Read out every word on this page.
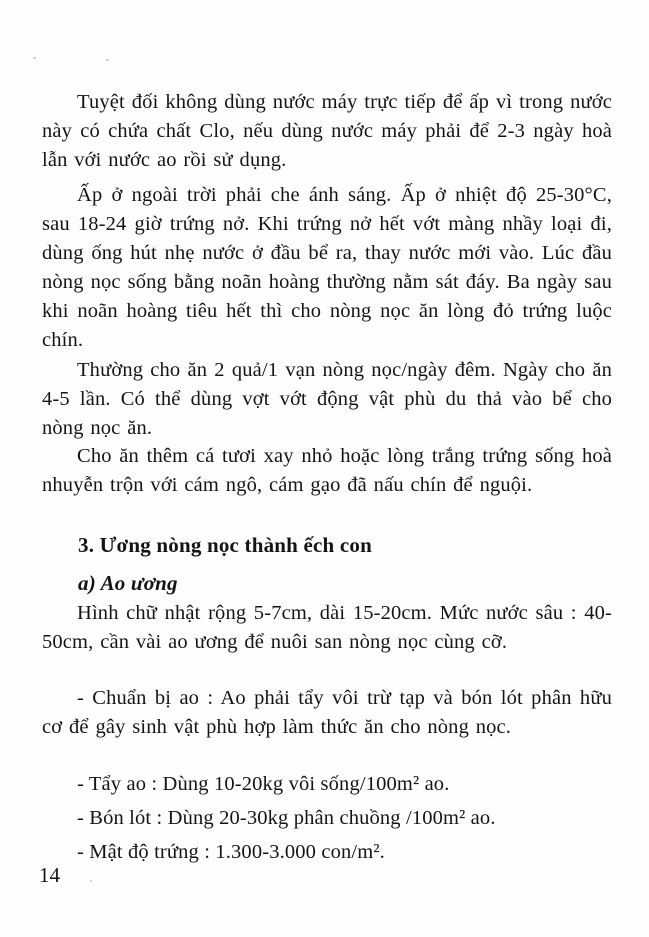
Tuyệt đối không dùng nước máy trực tiếp để ấp vì trong nước này có chứa chất Clo, nếu dùng nước máy phải để 2-3 ngày hoà lẫn với nước ao rồi sử dụng.
Ấp ở ngoài trời phải che ánh sáng. Ấp ở nhiệt độ 25-30°C, sau 18-24 giờ trứng nở. Khi trứng nở hết vớt màng nhầy loại đi, dùng ống hút nhẹ nước ở đầu bể ra, thay nước mới vào. Lúc đầu nòng nọc sống bằng noãn hoàng thường nằm sát đáy. Ba ngày sau khi noãn hoàng tiêu hết thì cho nòng nọc ăn lòng đỏ trứng luộc chín.
Thường cho ăn 2 quả/1 vạn nòng nọc/ngày đêm. Ngày cho ăn 4-5 lần. Có thể dùng vợt vớt động vật phù du thả vào bể cho nòng nọc ăn.
Cho ăn thêm cá tươi xay nhỏ hoặc lòng trắng trứng sống hoà nhuyễn trộn với cám ngô, cám gạo đã nấu chín để nguội.
3. Ương nòng nọc thành ếch con
a) Ao ương
Hình chữ nhật rộng 5-7cm, dài 15-20cm. Mức nước sâu : 40-50cm, cần vài ao ương để nuôi san nòng nọc cùng cỡ.
- Chuẩn bị ao : Ao phải tẩy vôi trừ tạp và bón lót phân hữu cơ để gây sinh vật phù hợp làm thức ăn cho nòng nọc.
- Tẩy ao : Dùng 10-20kg vôi sống/100m² ao.
- Bón lót : Dùng 20-30kg phân chuồng /100m² ao.
- Mật độ trứng : 1.300-3.000 con/m².
14
